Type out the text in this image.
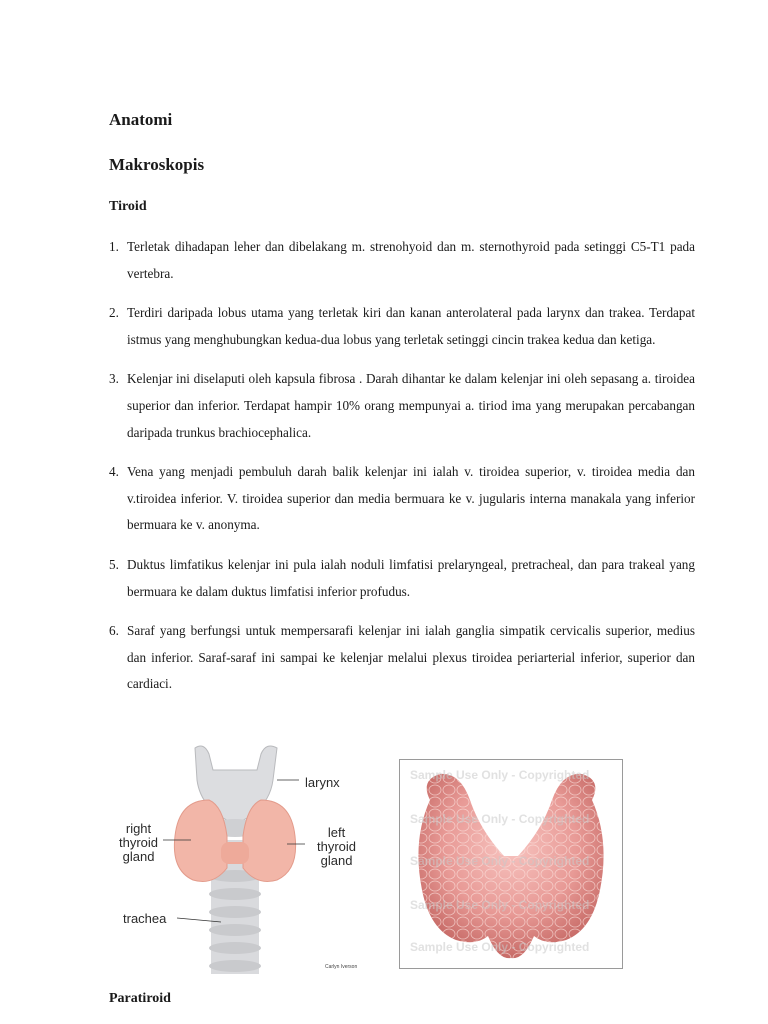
Anatomi
Makroskopis
Tiroid
1. Terletak dihadapan leher dan dibelakang m. strenohyoid dan m. sternothyroid pada setinggi C5-T1 pada vertebra.
2. Terdiri daripada lobus utama yang terletak kiri dan kanan anterolateral pada larynx dan trakea. Terdapat istmus yang menghubungkan kedua-dua lobus yang terletak setinggi cincin trakea kedua dan ketiga.
3. Kelenjar ini diselaputi oleh kapsula fibrosa . Darah dihantar ke dalam kelenjar ini oleh sepasang a. tiroidea superior dan inferior. Terdapat hampir 10% orang mempunyai a. tiriod ima yang merupakan percabangan daripada trunkus brachiocephalica.
4. Vena yang menjadi pembuluh darah balik kelenjar ini ialah v. tiroidea superior, v. tiroidea media dan v.tiroidea inferior. V. tiroidea superior dan media bermuara ke v. jugularis interna manakala yang inferior bermuara ke v. anonyma.
5. Duktus limfatikus kelenjar ini pula ialah noduli limfatisi prelaryngeal, pretracheal, dan para trakeal yang bermuara ke dalam duktus limfatisi inferior profudus.
6. Saraf yang berfungsi untuk mempersarafi kelenjar ini ialah ganglia simpatik cervicalis superior, medius dan inferior. Saraf-saraf ini sampai ke kelenjar melalui plexus tiroidea periarterial inferior, superior dan cardiaci.
larynx
right
thyroid
gland
left
thyroid
gland
trachea
Carlyn Iverson
Sample Use Only - Copyrighted
Sample Use Only - Copyrighted
Sample Use Only - Copyrighted
Sample Use Only - Copyrighted
Sample Use Only - Copyrighted
Paratiroid
